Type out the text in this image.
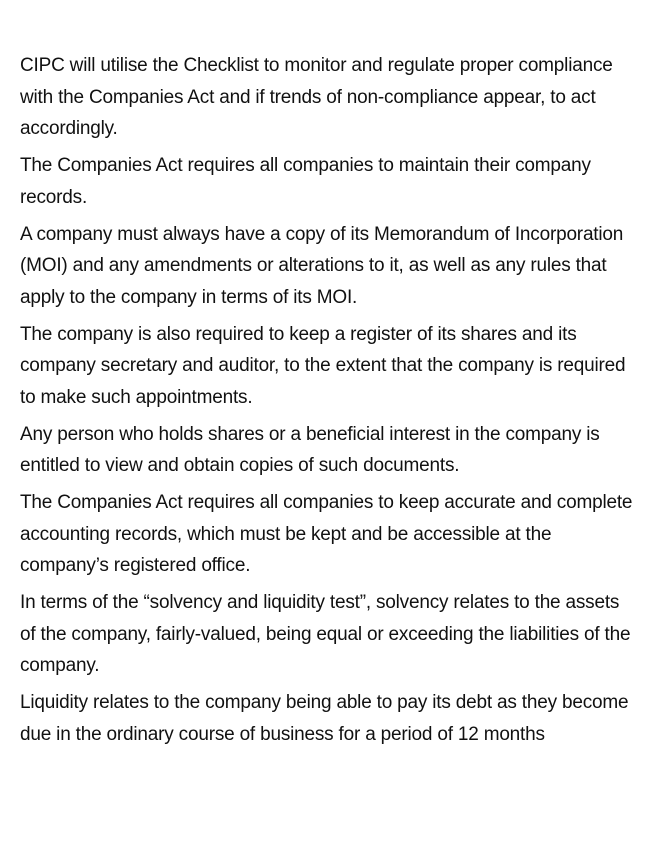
CIPC will utilise the Checklist to monitor and regulate proper compliance with the Companies Act and if trends of non-compliance appear, to act accordingly.

The Companies Act requires all companies to maintain their company records.

A company must always have a copy of its Memorandum of Incorporation (MOI) and any amendments or alterations to it, as well as any rules that apply to the company in terms of its MOI.

The company is also required to keep a register of its shares and its company secretary and auditor, to the extent that the company is required to make such appointments.

Any person who holds shares or a beneficial interest in the company is entitled to view and obtain copies of such documents.

The Companies Act requires all companies to keep accurate and complete accounting records, which must be kept and be accessible at the company’s registered office.

In terms of the “solvency and liquidity test”, solvency relates to the assets of the company, fairly-valued, being equal or exceeding the liabilities of the company.

Liquidity relates to the company being able to pay its debt as they become due in the ordinary course of business for a period of 12 months
